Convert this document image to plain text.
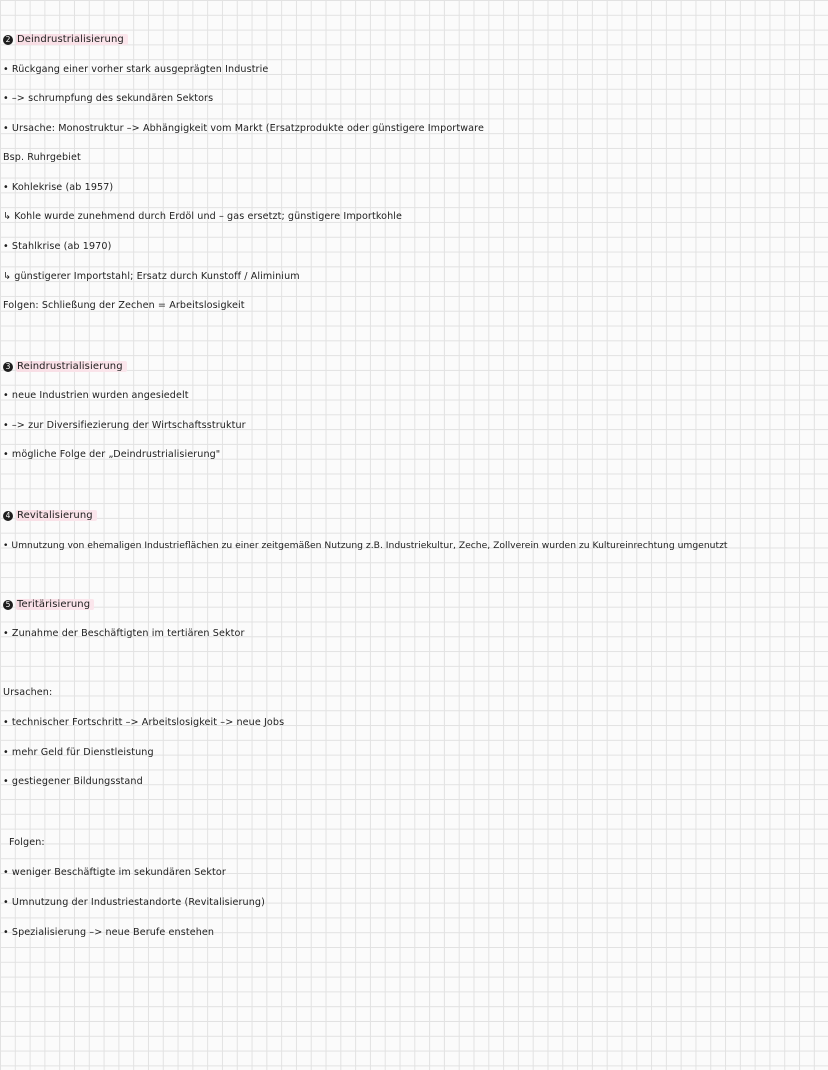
2 Deindrustrialisierung
• Rückgang einer vorher stark ausgeprägten Industrie
• –> schrumpfung des sekundären Sektors
• Ursache: Monostruktur –> Abhängigkeit vom Markt (Ersatzprodukte oder günstigere Importware
Bsp. Ruhrgebiet
• Kohlekrise (ab 1957)
↳ Kohle wurde zunehmend durch Erdöl und – gas ersetzt; günstigere Importkohle
• Stahlkrise (ab 1970)
↳ günstigerer Importstahl; Ersatz durch Kunstoff / Aliminium
Folgen: Schließung der Zechen = Arbeitslosigkeit
3 Reindrustrialisierung
• neue Industrien wurden angesiedelt
• –> zur Diversifiezierung der Wirtschaftsstruktur
• mögliche Folge der „Deindrustrialisierung"
4 Revitalisierung
• Umnutzung von ehemaligen Industrieflächen zu einer zeitgemäßen Nutzung z.B. Industriekultur, Zeche, Zollverein wurden zu Kultureinrechtung umgenutzt
5 Teritärisierung
• Zunahme der Beschäftigten im tertiären Sektor
Ursachen:
• technischer Fortschritt –> Arbeitslosigkeit –> neue Jobs
• mehr Geld für Dienstleistung
• gestiegener Bildungsstand
Folgen:
• weniger Beschäftigte im sekundären Sektor
• Umnutzung der Industriestandorte (Revitalisierung)
• Spezialisierung –> neue Berufe enstehen
